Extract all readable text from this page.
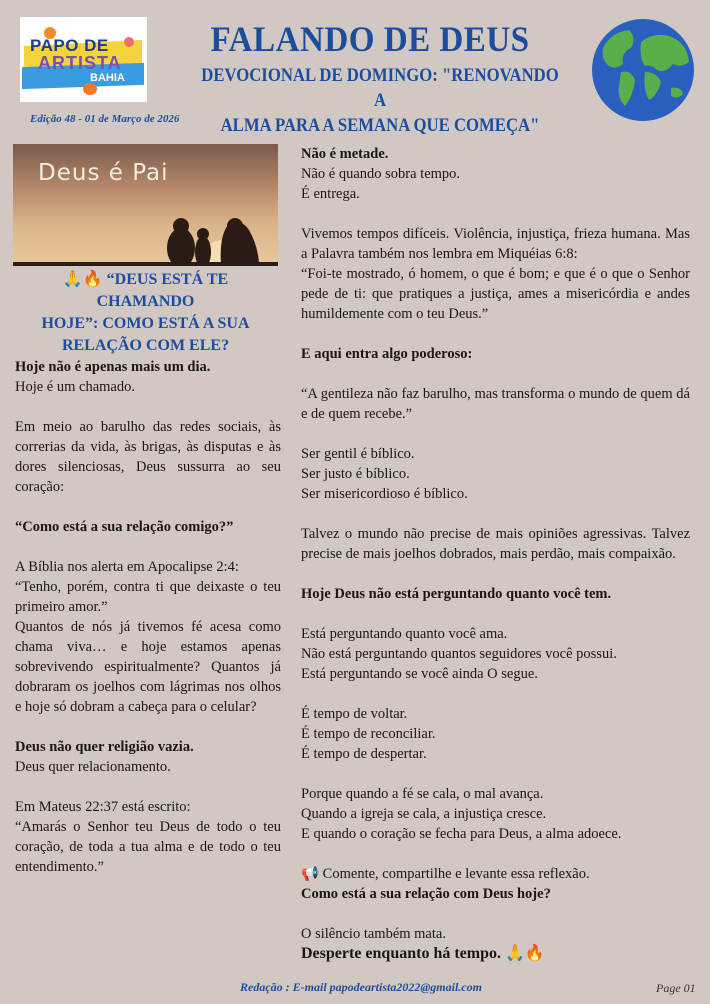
PAPO DE
ARTISTA
BAHIA
FALANDO DE DEUS
DEVOCIONAL DE DOMINGO: "RENOVANDO A
ALMA PARA A SEMANA QUE COMEÇA"
Edição 48 - 01 de Março de 2026
Deus é Pai
🙏🔥 “DEUS ESTÁ TE CHAMANDO
HOJE”: COMO ESTÁ A SUA
RELAÇÃO COM ELE?

Hoje não é apenas mais um dia.

Hoje é um chamado.

Em meio ao barulho das redes sociais, às correrias da vida, às brigas, às disputas e às dores silenciosas, Deus sussurra ao seu coração:

“Como está a sua relação comigo?”

A Bíblia nos alerta em Apocalipse 2:4:

“Tenho, porém, contra ti que deixaste o teu primeiro amor.”

Quantos de nós já tivemos fé acesa como chama viva… e hoje estamos apenas sobrevivendo espiritualmente? Quantos já dobraram os joelhos com lágrimas nos olhos e hoje só dobram a cabeça para o celular?

Deus não quer religião vazia.

Deus quer relacionamento.

Em Mateus 22:37 está escrito:

“Amarás o Senhor teu Deus de todo o teu coração, de toda a tua alma e de todo o teu entendimento.”

Não é metade.

Não é quando sobra tempo.

É entrega.

Vivemos tempos difíceis. Violência, injustiça, frieza humana. Mas a Palavra também nos lembra em Miquéias 6:8:

“Foi-te mostrado, ó homem, o que é bom; e que é o que o Senhor pede de ti: que pratiques a justiça, ames a misericórdia e andes humildemente com o teu Deus.”

E aqui entra algo poderoso:

“A gentileza não faz barulho, mas transforma o mundo de quem dá e de quem recebe.”

Ser gentil é bíblico.

Ser justo é bíblico.

Ser misericordioso é bíblico.

Talvez o mundo não precise de mais opiniões agressivas. Talvez precise de mais joelhos dobrados, mais perdão, mais compaixão.

Hoje Deus não está perguntando quanto você tem.

Está perguntando quanto você ama.

Não está perguntando quantos seguidores você possui.

Está perguntando se você ainda O segue.

É tempo de voltar.

É tempo de reconciliar.

É tempo de despertar.

Porque quando a fé se cala, o mal avança.

Quando a igreja se cala, a injustiça cresce.

E quando o coração se fecha para Deus, a alma adoece.

📢 Comente, compartilhe e levante essa reflexão.

Como está a sua relação com Deus hoje?

O silêncio também mata.

Desperte enquanto há tempo. 🙏🔥

Redação : E-mail papodeartista2022@gmail.com	Page 01
